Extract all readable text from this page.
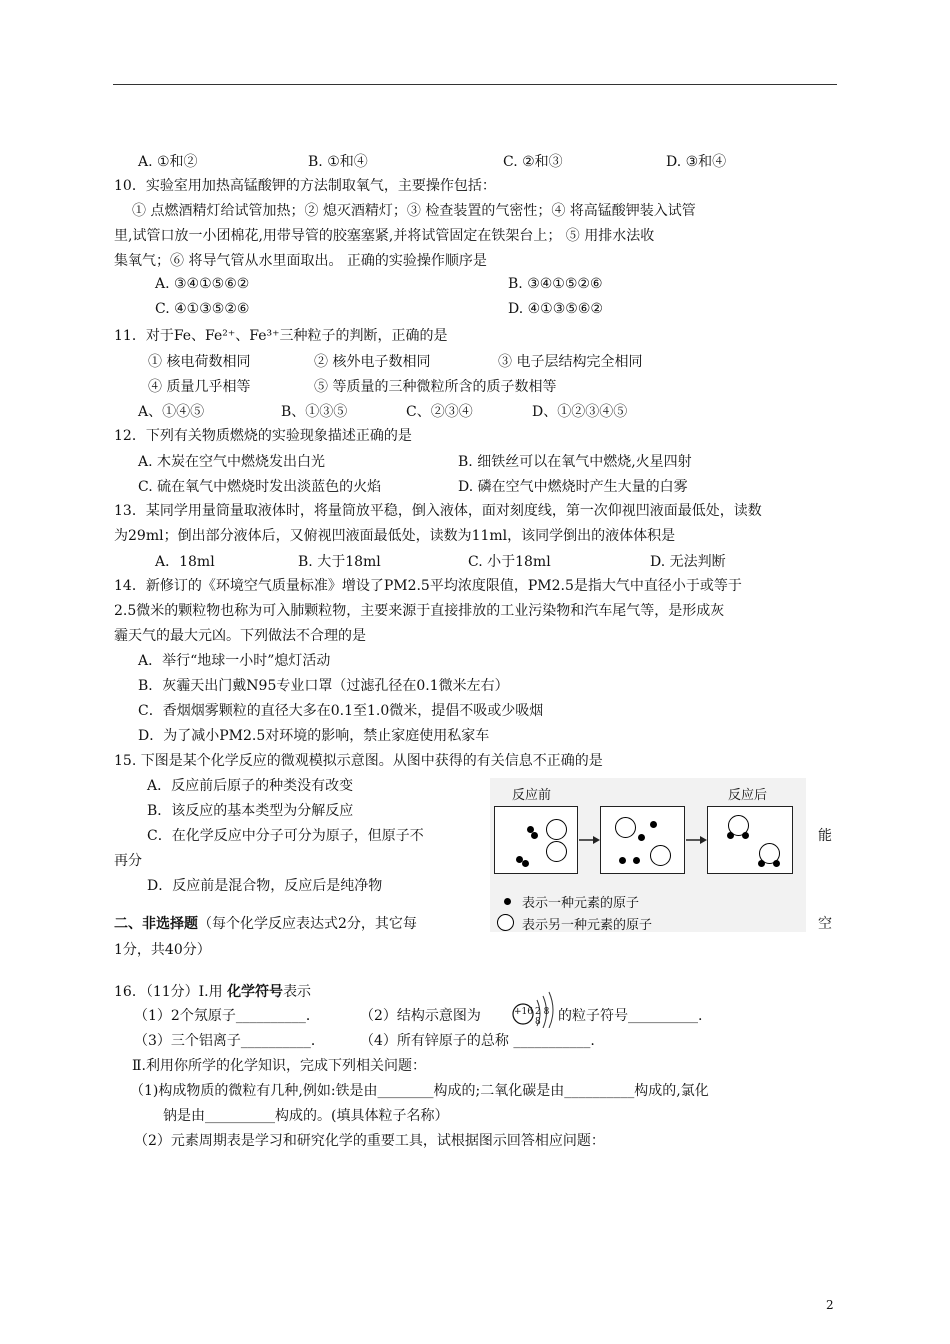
A. ①和②	B. ①和④	C. ②和③	D. ③和④
10．实验室用加热高锰酸钾的方法制取氧气，主要操作包括：
① 点燃酒精灯给试管加热；② 熄灭酒精灯；③ 检查装置的气密性；④ 将高锰酸钾装入试管
里,试管口放一小团棉花,用带导管的胶塞塞紧,并将试管固定在铁架台上； ⑤ 用排水法收
集氧气；⑥ 将导气管从水里面取出。 正确的实验操作顺序是
A. ③④①⑤⑥②	B. ③④①⑤②⑥
C. ④①③⑤②⑥	D. ④①③⑤⑥②
11．对于Fe、Fe²⁺、Fe³⁺三种粒子的判断，正确的是
① 核电荷数相同	② 核外电子数相同	③ 电子层结构完全相同
④ 质量几乎相等	⑤ 等质量的三种微粒所含的质子数相等
A、①④⑤	B、①③⑤	C、②③④	D、①②③④⑤
12．下列有关物质燃烧的实验现象描述正确的是
A. 木炭在空气中燃烧发出白光	B. 细铁丝可以在氧气中燃烧,火星四射
C. 硫在氧气中燃烧时发出淡蓝色的火焰	D. 磷在空气中燃烧时产生大量的白雾
13．某同学用量筒量取液体时，将量筒放平稳，倒入液体，面对刻度线，第一次仰视凹液面最低处，读数
为29ml；倒出部分液体后，又俯视凹液面最低处，读数为11ml，该同学倒出的液体体积是
A．18ml	B. 大于18ml	C. 小于18ml	D. 无法判断
14．新修订的《环境空气质量标准》增设了PM2.5平均浓度限值，PM2.5是指大气中直径小于或等于
2.5微米的颗粒物也称为可入肺颗粒物，主要来源于直接排放的工业污染物和汽车尾气等，是形成灰
霾天气的最大元凶。下列做法不合理的是
A．举行“地球一小时”熄灯活动
B．灰霾天出门戴N95专业口罩（过滤孔径在0.1微米左右）
C．香烟烟雾颗粒的直径大多在0.1至1.0微米，提倡不吸或少吸烟
D．为了减小PM2.5对环境的影响，禁止家庭使用私家车
15. 下图是某个化学反应的微观模拟示意图。从图中获得的有关信息不正确的是
A．反应前后原子的种类没有改变
B．该反应的基本类型为分解反应
C．在化学反应中分子可分为原子，但原子不	能
再分
D．反应前是混合物，反应后是纯净物
反应前	反应后
表示一种元素的原子
表示另一种元素的原子
二、非选择题（每个化学反应表达式2分，其它每	空
1分，共40分）
16．（11分）Ⅰ.用 化学符号表示
（1）2个氖原子__________．	（2）结构示意图为	的粒子符号__________.
+16 2 8 8
（3）三个铝离子__________．	（4）所有锌原子的总称 ___________.
Ⅱ.利用你所学的化学知识，完成下列相关问题：
（1)构成物质的微粒有几种,例如:铁是由________构成的;二氧化碳是由__________构成的,氯化
钠是由__________构成的。(填具体粒子名称）
（2）元素周期表是学习和研究化学的重要工具，试根据图示回答相应问题：
2
